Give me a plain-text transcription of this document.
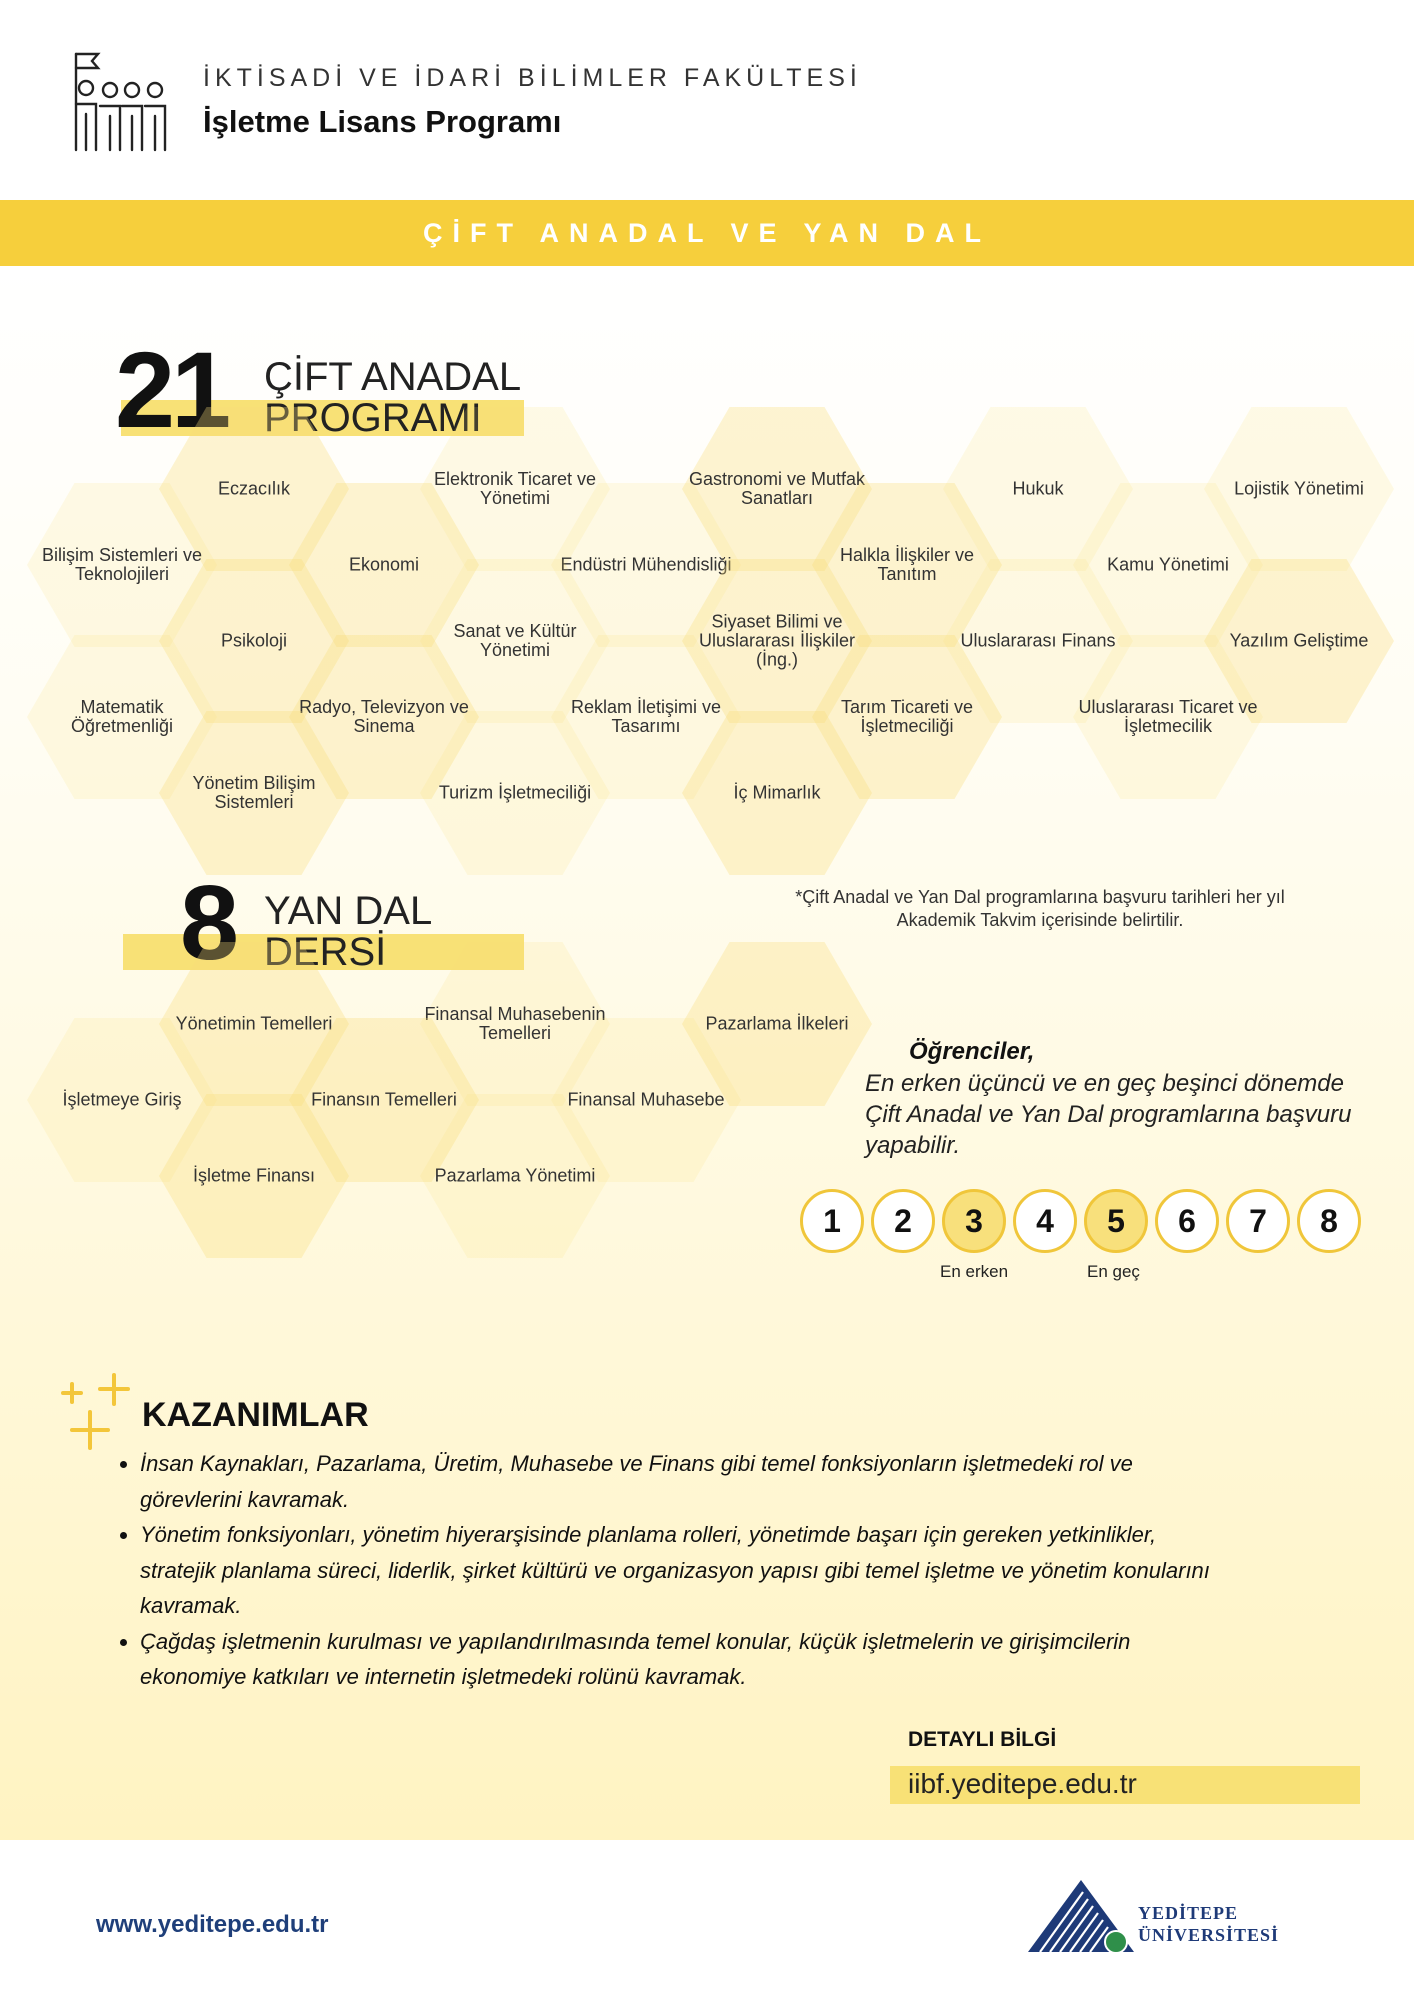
İKTİSADİ VE İDARİ BİLİMLER FAKÜLTESİ
İşletme Lisans Programı
ÇİFT ANADAL VE YAN DAL
21 ÇİFT ANADAL
PROGRAMI
Eczacılık	Elektronik Ticaret ve Yönetimi
Gastronomi ve Mutfak Sanatları	Hukuk	Lojistik Yönetimi
Bilişim Sistemleri ve Teknolojileri	Ekonomi	Endüstri Mühendisliği	Halkla İlişkiler ve Tanıtım	Kamu Yönetimi
Psikoloji	Sanat ve Kültür Yönetimi
Siyaset Bilimi ve Uluslararası İlişkiler (İng.)
Uluslararası Finans	Yazılım Geliştime
Matematik Öğretmenliği
Radyo, Televizyon ve Sinema
Reklam İletişimi ve Tasarımı
Tarım Ticareti ve İşletmeciliği
Uluslararası Ticaret ve İşletmecilik
Yönetim Bilişim Sistemleri	Turizm İşletmeciliği	İç Mimarlık
8 YAN DAL
DERSİ
Yönetimin Temelleri	Finansal Muhasebenin Temelleri	Pazarlama İlkeleri
İşletmeye Giriş	Finansın Temelleri	Finansal Muhasebe
İşletme Finansı	Pazarlama Yönetimi
*Çift Anadal ve Yan Dal programlarına başvuru tarihleri her yıl Akademik Takvim içerisinde belirtilir.
Öğrenciler,
En erken üçüncü ve en geç beşinci dönemde Çift Anadal ve Yan Dal programlarına başvuru yapabilir.
1	2	3	4	5	6	7	8
En erken	En geç
KAZANIMLAR
• İnsan Kaynakları, Pazarlama, Üretim, Muhasebe ve Finans gibi temel fonksiyonların işletmedeki rol ve görevlerini kavramak.
• Yönetim fonksiyonları, yönetim hiyerarşisinde planlama rolleri, yönetimde başarı için gereken yetkinlikler, stratejik planlama süreci, liderlik, şirket kültürü ve organizasyon yapısı gibi temel işletme ve yönetim konularını kavramak.
• Çağdaş işletmenin kurulması ve yapılandırılmasında temel konular, küçük işletmelerin ve girişimcilerin ekonomiye katkıları ve internetin işletmedeki rolünü kavramak.
DETAYLI BİLGİ
iibf.yeditepe.edu.tr
www.yeditepe.edu.tr	YEDİTEPE
ÜNİVERSİTESİ
